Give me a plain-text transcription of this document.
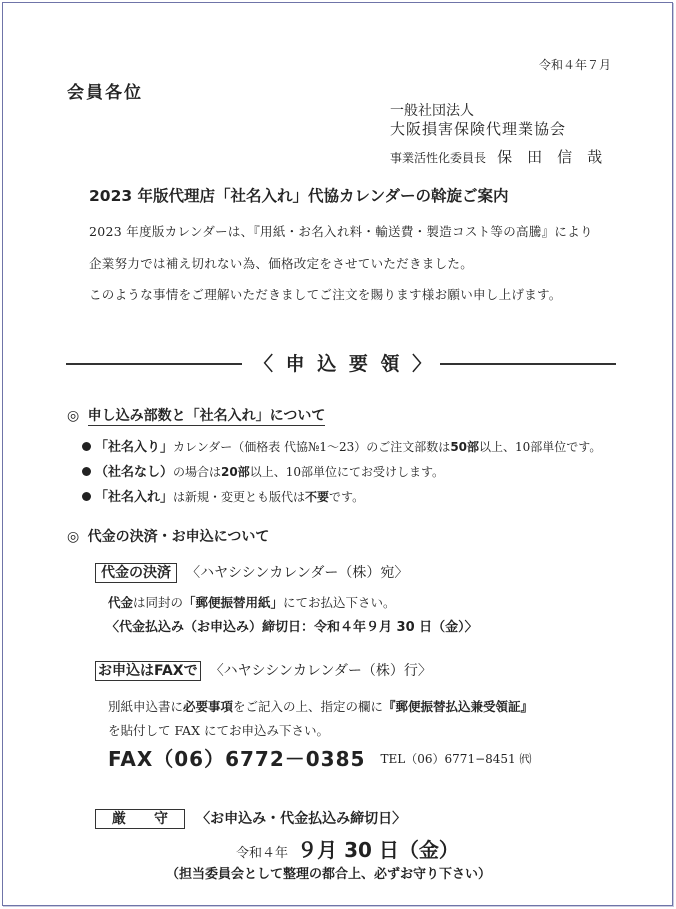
令和４年７月
会員各位
一般社団法人
大阪損害保険代理業協会
事業活性化委員長 保　田　信　哉
2023 年版代理店「社名入れ」代協カレンダーの斡旋ご案内
2023 年度版カレンダーは、『用紙・お名入れ料・輸送費・製造コスト等の高騰』により
企業努力では補え切れない為、価格改定をさせていただきました。
このような事情をご理解いただきましてご注文を賜ります様お願い申し上げます。
〈 申 込 要 領 〉
◎ 申し込み部数と「社名入れ」について
「社名入り」カレンダー（価格表 代協№1～23）のご注文部数は50部以上、10部単位です。
（社名なし）の場合は20部以上、10部単位にてお受けします。
「社名入れ」は新規・変更とも版代は不要です。
◎ 代金の決済・お申込について
代金の決済 〈ハヤシシンカレンダー（株）宛〉
代金は同封の「郵便振替用紙」にてお払込下さい。
〈代金払込み（お申込み）締切日：令和４年９月 30 日（金）〉
お申込はFAXで 〈ハヤシシンカレンダー（株）行〉
別紙申込書に必要事項をご記入の上、指定の欄に『郵便振替払込兼受領証』
を貼付して FAX にてお申込み下さい。
FAX（06）6772－0385 TEL（06）6771−8451 ㈹
厳　　守 〈お申込み・代金払込み締切日〉
令和４年 ９月 30 日（金）
（担当委員会として整理の都合上、必ずお守り下さい）
